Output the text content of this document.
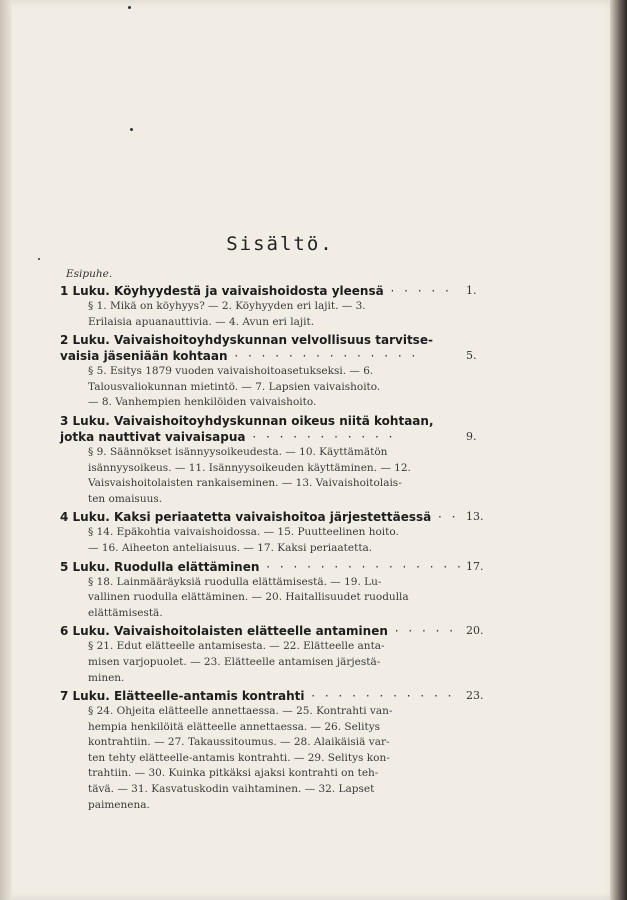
Sisältö.
Esipuhe.
1 Luku. Köyhyydestä ja vaivaishoidosta yleensä · · · · · 1.
§ 1. Mikä on köyhyys? — 2. Köyhyyden eri lajit. — 3.
Erilaisia apuanauttivia. — 4. Avun eri lajit.
2 Luku. Vaivaishoitoyhdyskunnan velvollisuus tarvitse-
vaisia jäseniään kohtaan · · · · · · · · · · · · · ·	5.
§ 5. Esitys 1879 vuoden vaivaishoitoasetukseksi. — 6.
Talousvaliokunnan mietintö. — 7. Lapsien vaivaishoito.
— 8. Vanhempien henkilöiden vaivaishoito.
3 Luku. Vaivaishoitoyhdyskunnan oikeus niitä kohtaan,
jotka nauttivat vaivaisapua · · · · · · · · · · ·	9.
§ 9. Säännökset isännyysoikeudesta. — 10. Käyttämätön
isännyysoikeus. — 11. Isännyysoikeuden käyttäminen. — 12.
Vaisvaishoitolaisten rankaiseminen. — 13. Vaivaishoitolais-
ten omaisuus.
4 Luku. Kaksi periaatetta vaivaishoitoa järjestettäessä · · 13.
§ 14. Epäkohtia vaivaishoidossa. — 15. Puutteelinen hoito.
— 16. Aiheeton anteliaisuus. — 17. Kaksi periaatetta.
5 Luku. Ruodulla elättäminen · · · · · · · · · · · · · · · 17.
§ 18. Lainmääräyksiä ruodulla elättämisestä. — 19. Lu-
vallinen ruodulla elättäminen. — 20. Haitallisuudet ruodulla
elättämisestä.
6 Luku. Vaivaishoitolaisten elätteelle antaminen · · · · · 20.
§ 21. Edut elätteelle antamisesta. — 22. Elätteelle anta-
misen varjopuolet. — 23. Elätteelle antamisen järjestä-
minen.
7 Luku. Elätteelle-antamis kontrahti · · · · · · · · · · · 23.
§ 24. Ohjeita elätteelle annettaessa. — 25. Kontrahti van-
hempia henkilöitä elätteelle annettaessa. — 26. Selitys
kontrahtiin. — 27. Takaussitoumus. — 28. Alaikäisiä var-
ten tehty elätteelle-antamis kontrahti. — 29. Selitys kon-
trahtiin. — 30. Kuinka pitkäksi ajaksi kontrahti on teh-
tävä. — 31. Kasvatuskodin vaihtaminen. — 32. Lapset
paimenena.
